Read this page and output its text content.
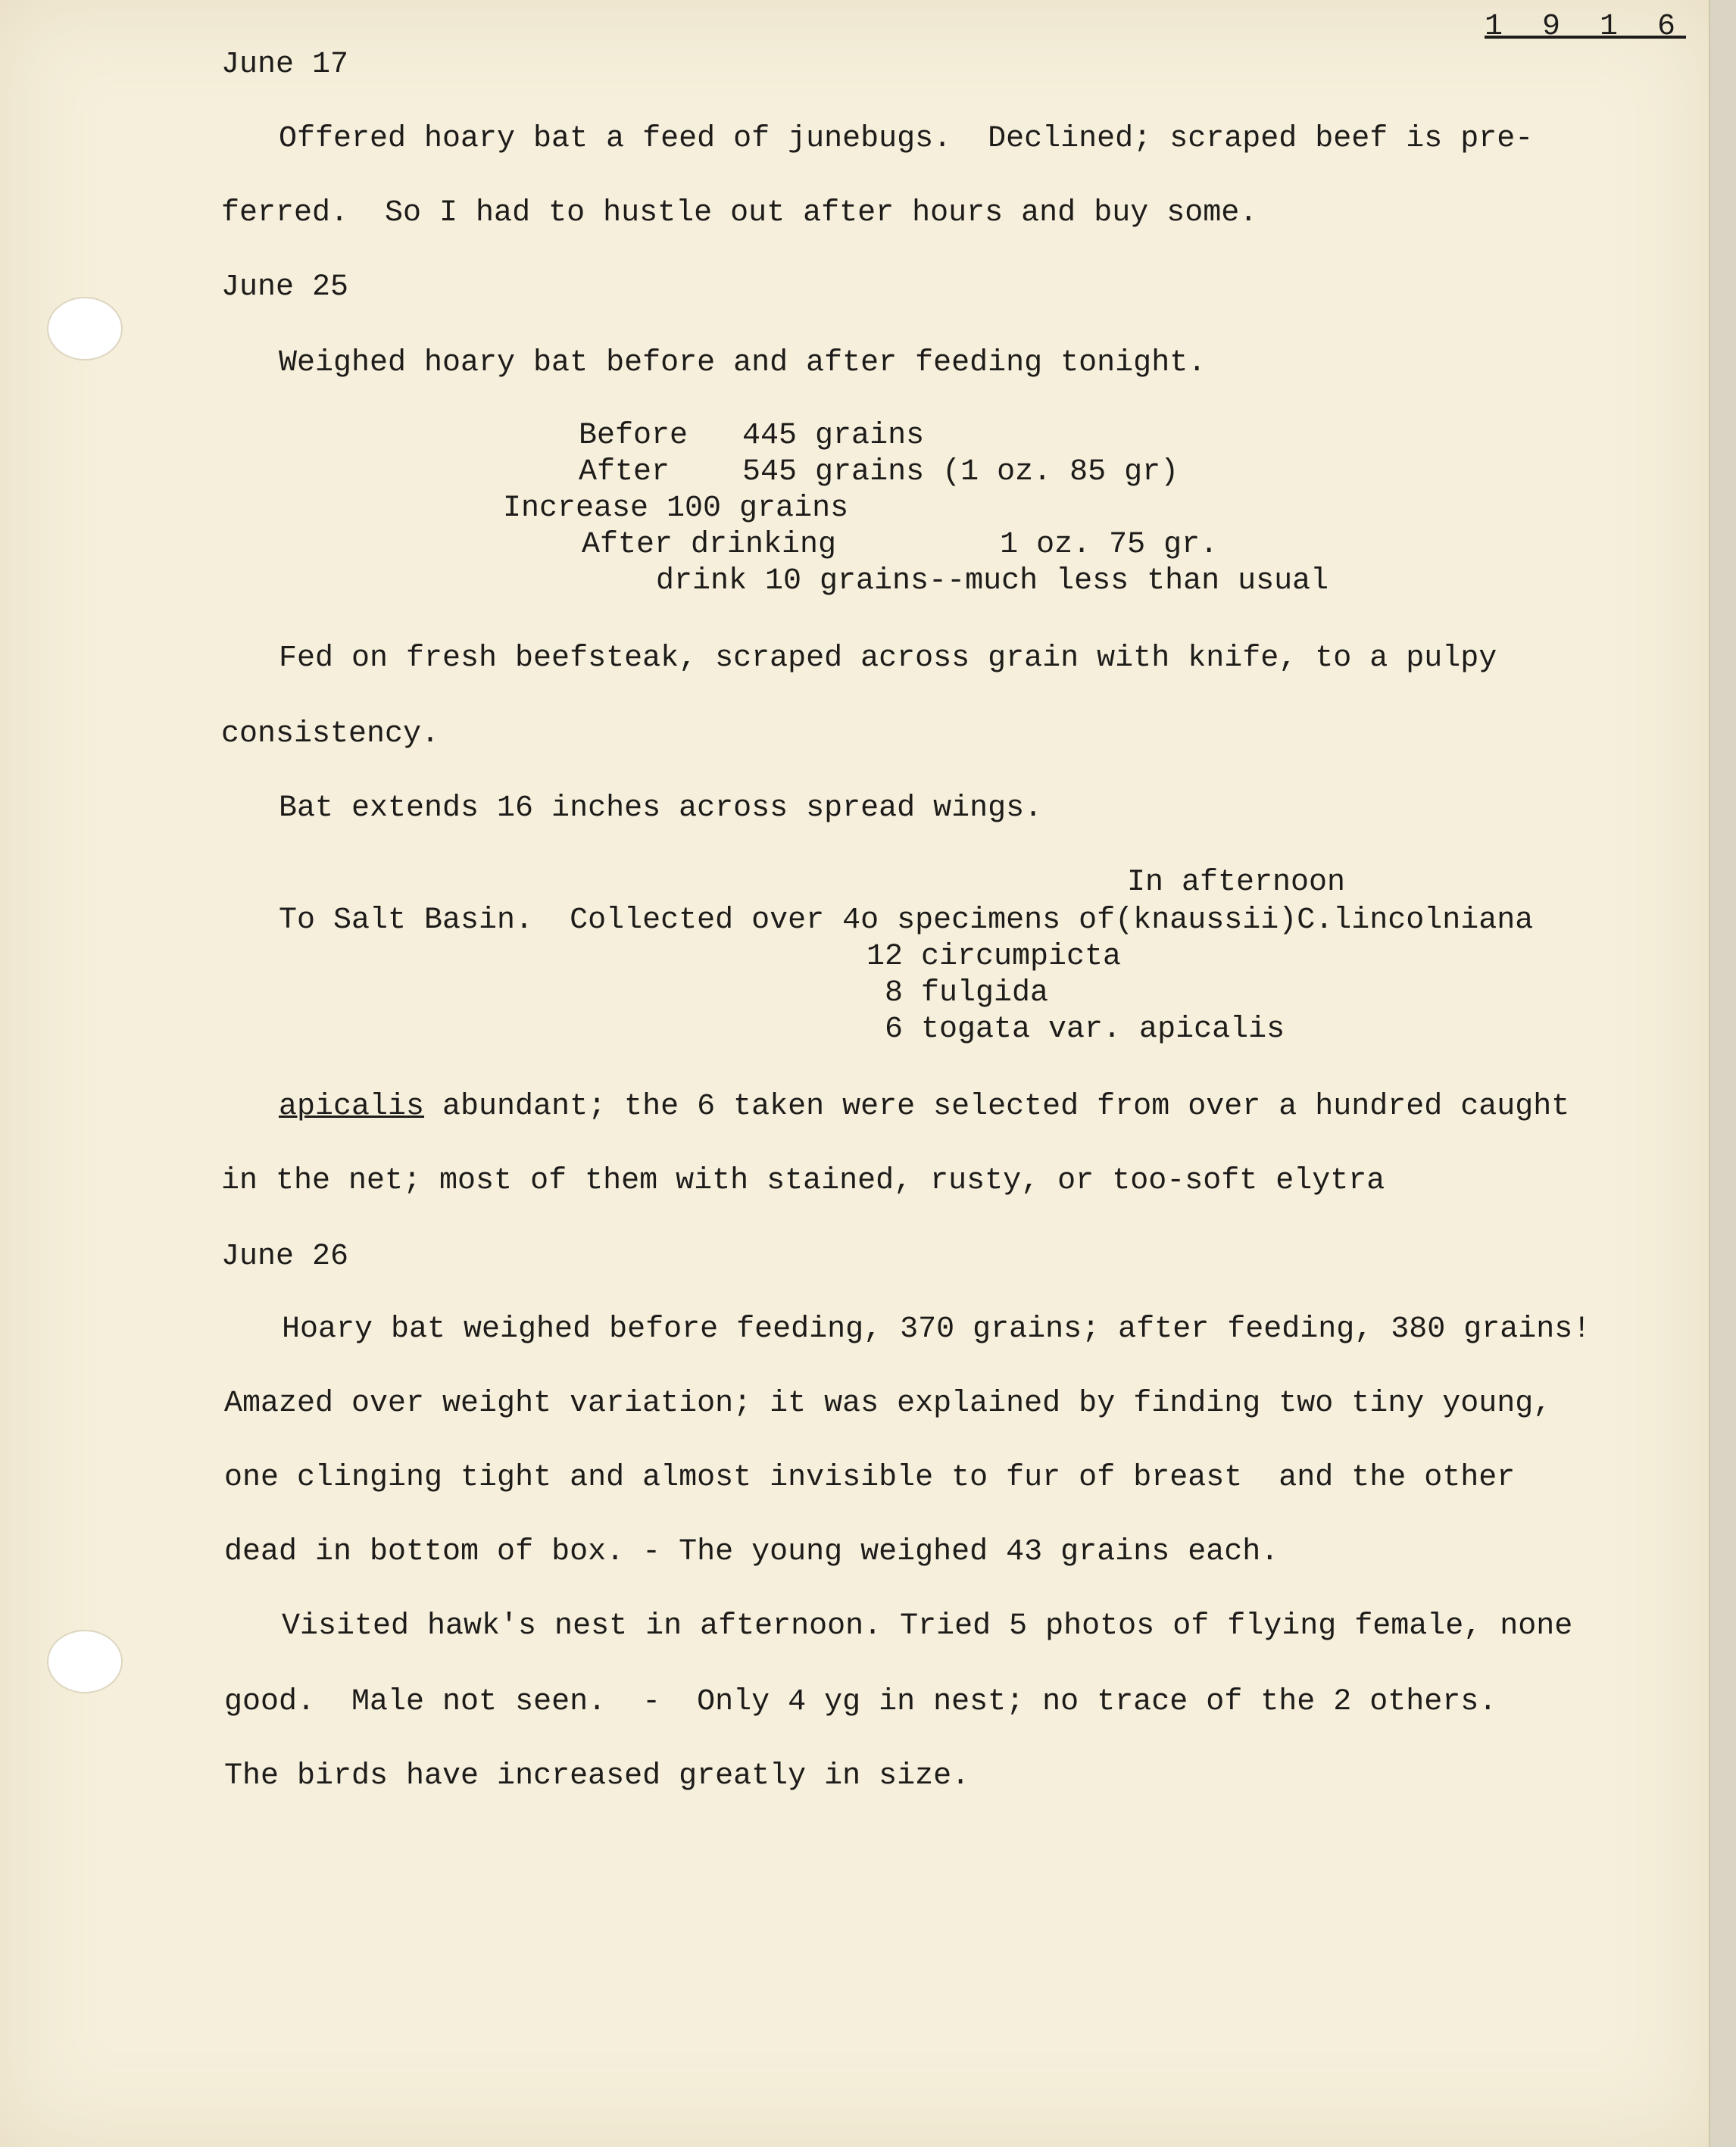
1 9 1 6

June 17

Offered hoary bat a feed of junebugs.  Declined; scraped beef is pre-

ferred.  So I had to hustle out after hours and buy some.

June 25

Weighed hoary bat before and after feeding tonight.

Before   445 grains

After    545 grains (1 oz. 85 gr)

Increase 100 grains

After drinking         1 oz. 75 gr.

drink 10 grains--much less than usual

Fed on fresh beefsteak, scraped across grain with knife, to a pulpy

consistency.

Bat extends 16 inches across spread wings.

In afternoon

To Salt Basin.  Collected over 4o specimens of(knaussii)C.lincolniana

12 circumpicta

8 fulgida

6 togata var. apicalis

apicalis abundant; the 6 taken were selected from over a hundred caught

in the net; most of them with stained, rusty, or too-soft elytra

June 26

Hoary bat weighed before feeding, 370 grains; after feeding, 380 grains!

Amazed over weight variation; it was explained by finding two tiny young,

one clinging tight and almost invisible to fur of breast  and the other

dead in bottom of box. - The young weighed 43 grains each.

Visited hawk's nest in afternoon. Tried 5 photos of flying female, none

good.  Male not seen.  -  Only 4 yg in nest; no trace of the 2 others.

The birds have increased greatly in size.
